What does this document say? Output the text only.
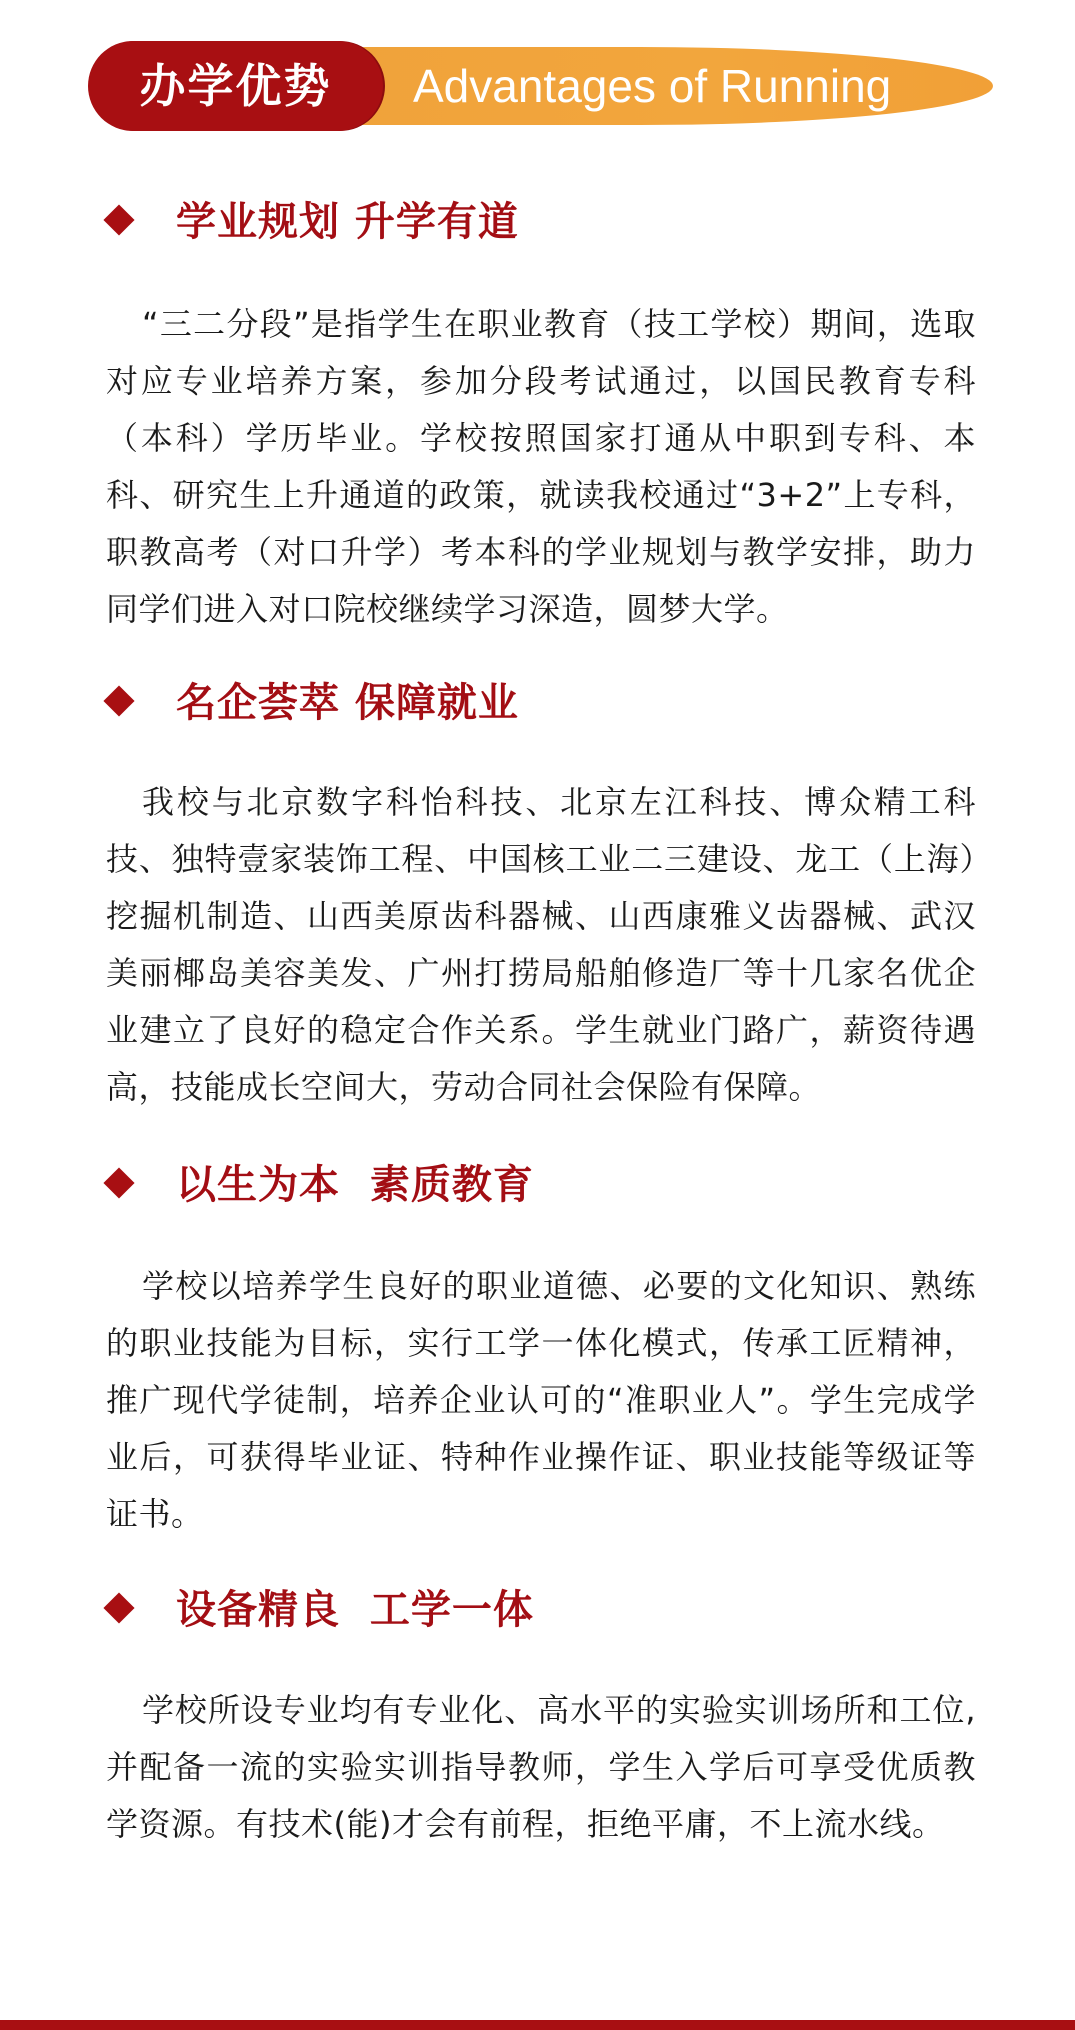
办学优势	Advantages of Running
学业规划 升学有道

“三二分段”是指学生在职业教育（技工学校）期间，选取对应专业培养方案，参加分段考试通过，以国民教育专科（本科）学历毕业。学校按照国家打通从中职到专科、本科、研究生上升通道的政策，就读我校通过“3+2”上专科，职教高考（对口升学）考本科的学业规划与教学安排，助力同学们进入对口院校继续学习深造，圆梦大学。

名企荟萃 保障就业

我校与北京数字科怡科技、北京左江科技、博众精工科技、独特壹家装饰工程、中国核工业二三建设、龙工（上海）挖掘机制造、山西美原齿科器械、山西康雅义齿器械、武汉美丽椰岛美容美发、广州打捞局船舶修造厂等十几家名优企业建立了良好的稳定合作关系。学生就业门路广，薪资待遇高，技能成长空间大，劳动合同社会保险有保障。

以生为本  素质教育

学校以培养学生良好的职业道德、必要的文化知识、熟练的职业技能为目标，实行工学一体化模式，传承工匠精神，推广现代学徒制，培养企业认可的“准职业人”。学生完成学业后，可获得毕业证、特种作业操作证、职业技能等级证等证书。

设备精良  工学一体

学校所设专业均有专业化、高水平的实验实训场所和工位,并配备一流的实验实训指导教师，学生入学后可享受优质教学资源。有技术(能)才会有前程，拒绝平庸，不上流水线。
